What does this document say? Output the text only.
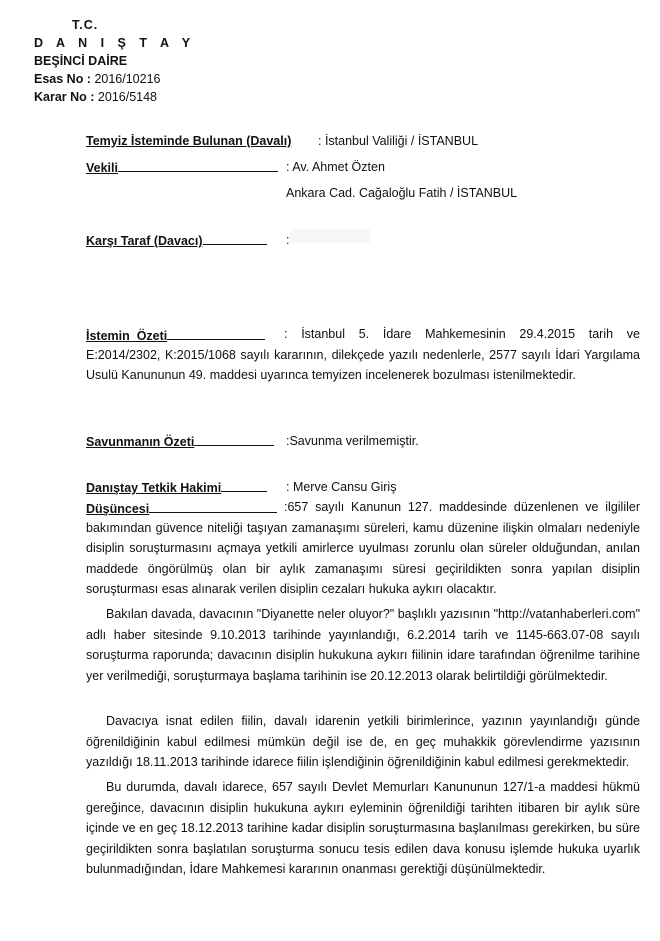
T.C.
D A N I Ş T A Y
BEŞİNCİ DAİRE
Esas No : 2016/10216
Karar No : 2016/5148
Temyiz İsteminde Bulunan (Davalı) : İstanbul Valiliği / İSTANBUL
Vekili	: Av. Ahmet Özten
Ankara Cad. Cağaloğlu Fatih / İSTANBUL
Karşı Taraf (Davacı)	:
İstemin_Özeti	: İstanbul 5. İdare Mahkemesinin 29.4.2015 tarih ve E:2014/2302, K:2015/1068 sayılı kararının, dilekçede yazılı nedenlerle, 2577 sayılı İdari Yargılama Usulü Kanununun 49. maddesi uyarınca temyizen incelenerek bozulması istenilmektedir.
Savunmanın Özeti	:Savunma verilmemiştir.
Danıştay Tetkik Hakimi	: Merve Cansu Giriş
Düşüncesi	:657 sayılı Kanunun 127. maddesinde düzenlenen ve ilgililer bakımından güvence niteliği taşıyan zamanaşımı süreleri, kamu düzenine ilişkin olmaları nedeniyle disiplin soruşturmasını açmaya yetkili amirlerce uyulması zorunlu olan süreler olduğundan, anılan maddede öngörülmüş olan bir aylık zamanaşımı süresi geçirildikten sonra yapılan disiplin soruşturması esas alınarak verilen disiplin cezaları hukuka aykırı olacaktır.
Bakılan davada, davacının "Diyanette neler oluyor?" başlıklı yazısının "http://vatanhaberleri.com" adlı haber sitesinde 9.10.2013 tarihinde yayınlandığı, 6.2.2014 tarih ve 1145-663.07-08 sayılı soruşturma raporunda; davacının disiplin hukukuna aykırı fiilinin idare tarafından öğrenilme tarihine yer verilmediği, soruşturmaya başlama tarihinin ise 20.12.2013 olarak belirtildiği görülmektedir.
Davacıya isnat edilen fiilin, davalı idarenin yetkili birimlerince, yazının yayınlandığı günde öğrenildiğinin kabul edilmesi mümkün değil ise de, en geç muhakkik görevlendirme yazısının yazıldığı 18.11.2013 tarihinde idarece fiilin işlendiğinin öğrenildiğinin kabul edilmesi gerekmektedir.
Bu durumda, davalı idarece, 657 sayılı Devlet Memurları Kanununun 127/1-a maddesi hükmü gereğince, davacının disiplin hukukuna aykırı eyleminin öğrenildiği tarihten itibaren bir aylık süre içinde ve en geç 18.12.2013 tarihine kadar disiplin soruşturmasına başlanılması gerekirken, bu süre geçirildikten sonra başlatılan soruşturma sonucu tesis edilen dava konusu işlemde hukuka uyarlık bulunmadığından, İdare Mahkemesi kararının onanması gerektiği düşünülmektedir.
